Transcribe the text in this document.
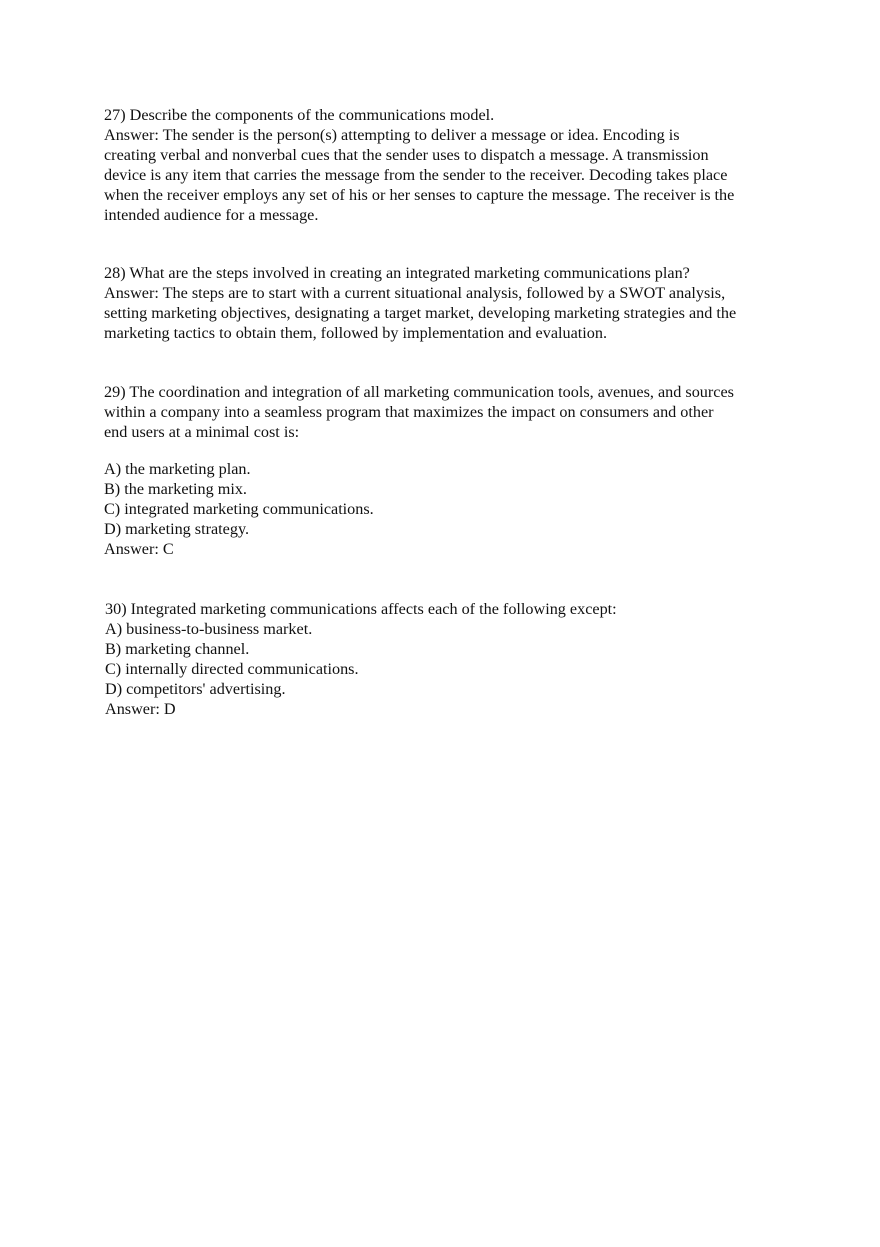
27) Describe the components of the communications model.
Answer: The sender is the person(s) attempting to deliver a message or idea. Encoding is
creating verbal and nonverbal cues that the sender uses to dispatch a message. A transmission
device is any item that carries the message from the sender to the receiver. Decoding takes place
when the receiver employs any set of his or her senses to capture the message. The receiver is the
intended audience for a message.
28) What are the steps involved in creating an integrated marketing communications plan?
Answer: The steps are to start with a current situational analysis, followed by a SWOT analysis,
setting marketing objectives, designating a target market, developing marketing strategies and the
marketing tactics to obtain them, followed by implementation and evaluation.
29) The coordination and integration of all marketing communication tools, avenues, and sources
within a company into a seamless program that maximizes the impact on consumers and other
end users at a minimal cost is:
A) the marketing plan.
B) the marketing mix.
C) integrated marketing communications.
D) marketing strategy.
Answer: C
30) Integrated marketing communications affects each of the following except:
A) business-to-business market.
B) marketing channel.
C) internally directed communications.
D) competitors' advertising.
Answer: D
